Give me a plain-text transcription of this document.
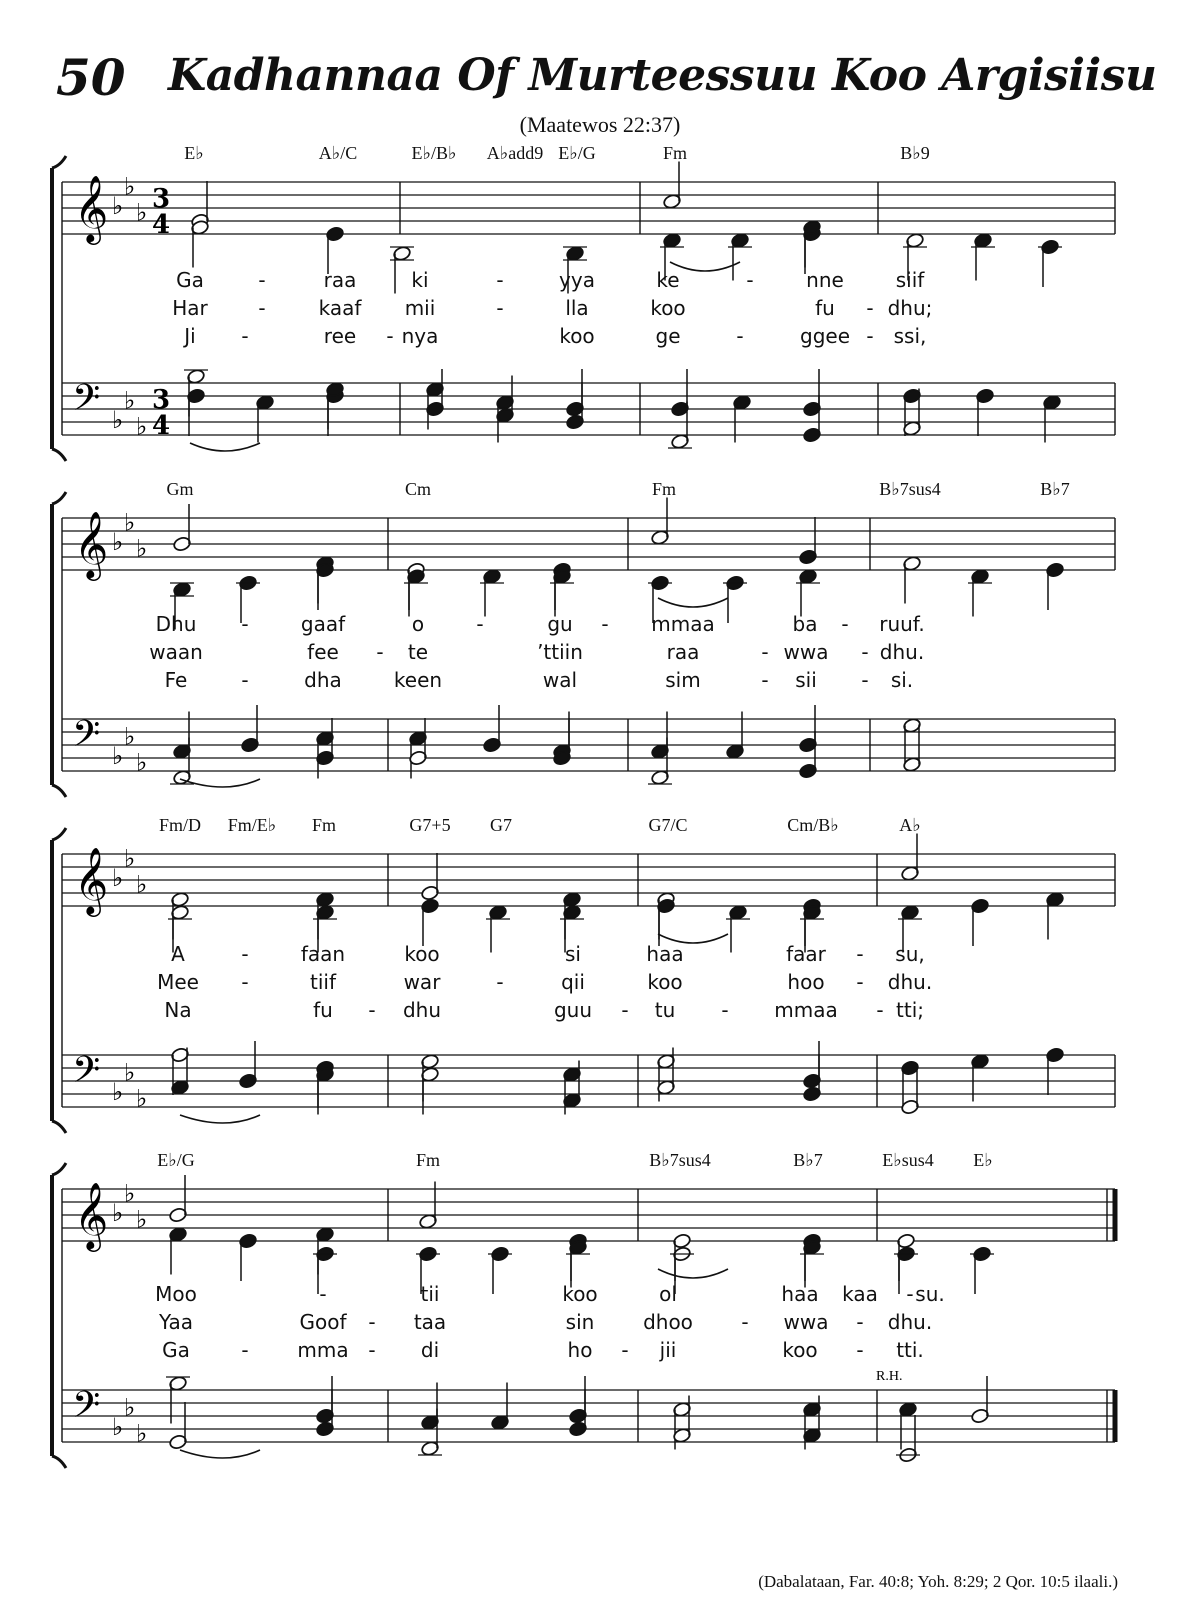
50 Kadhannaa Of Murteessuu Koo Argisiisu
(Maatewos 22:37)
𝄞
𝄢
♭
♭
♭
♭
♭
♭
3
4
3
4
𝄞
𝄢
♭
♭
♭
♭
♭
♭
𝄞
𝄢
♭
♭
♭
♭
♭
♭
𝄞
𝄢
♭
♭
♭
♭
♭
♭
R.H.
E♭	A♭/C	E♭/B♭ A♭add9 E♭/G	Fm	B♭9
Ga	-	raa	ki	-	yya	ke	-	nne	siif
Har	-	kaaf mii	-	lla	koo	fu - dhu;
Ji -	ree - nya	koo	ge	-	ggee - ssi,
Gm	Cm	Fm	B♭7sus4	B♭7
Dhu -	gaaf	o	-	gu - mmaa	ba - ruuf.
waan	fee - te	’ttiin	raa	- wwa - dhu.
Fe	-	dha	keen	wal	sim	- sii - si.
Fm/D Fm/E♭ Fm	G7+5 G7	G7/C	Cm/B♭	A♭
A	-	faan	koo	si	haa	faar - su,
Mee -	tiif	war	-	qii	koo	hoo - dhu.
Na	fu - dhu	guu - tu - mmaa - tti;
E♭/G	Fm	B♭7sus4	B♭7	E♭sus4 E♭
Moo	-	tii	koo	ol	haa kaa - su.
Yaa	Goof - taa	sin dhoo - wwa - dhu.
Ga	- mma - di	ho - jii	koo - tti.
(Dabalataan, Far. 40:8; Yoh. 8:29; 2 Qor. 10:5 ilaali.)
